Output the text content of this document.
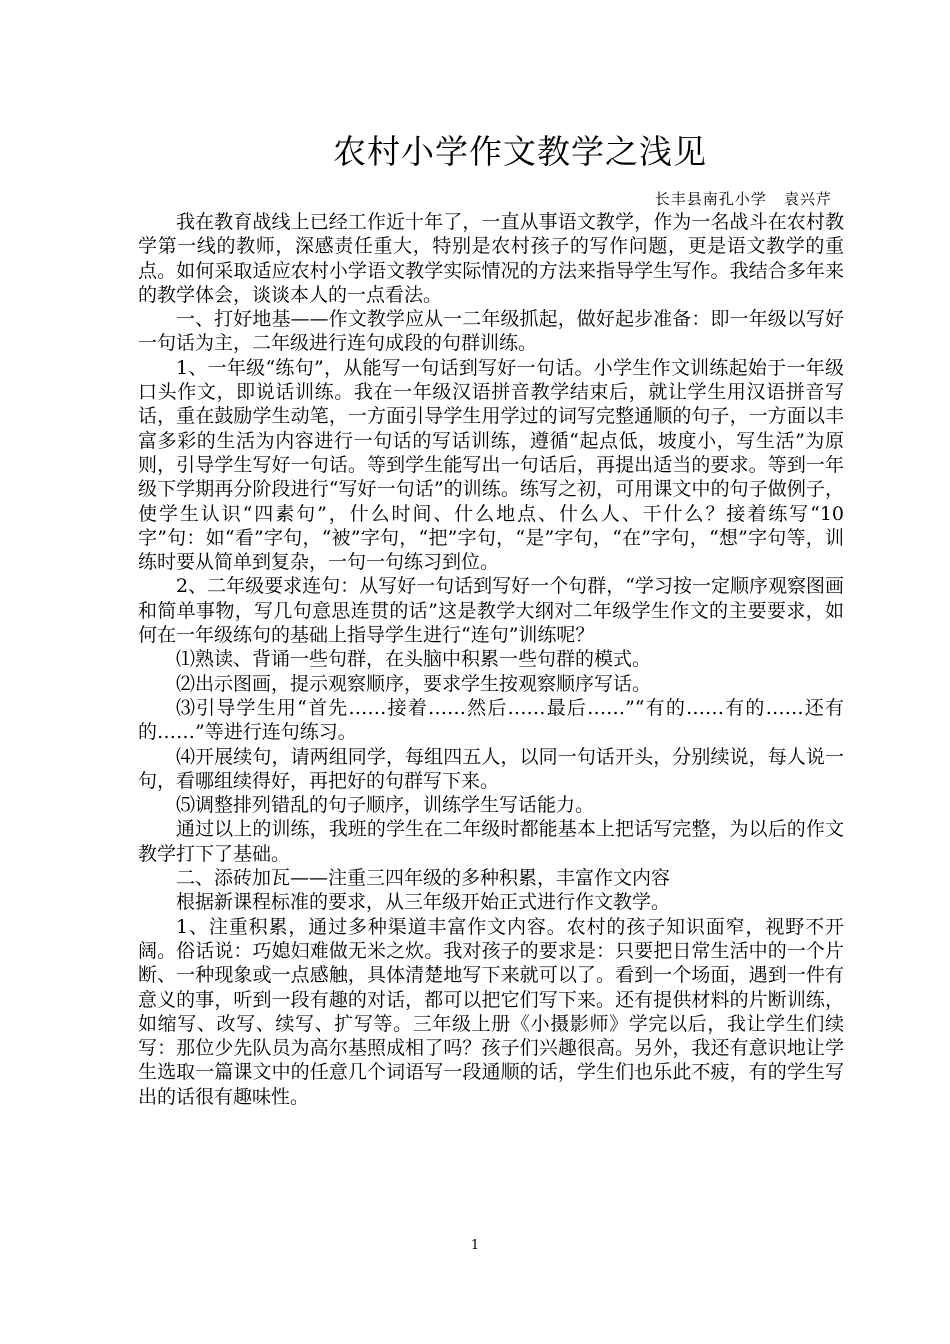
农村小学作文教学之浅见
长丰县南孔小学   袁兴芹

我在教育战线上已经工作近十年了，一直从事语文教学，作为一名战斗在农村教学第一线的教师，深感责任重大，特别是农村孩子的写作问题，更是语文教学的重点。如何采取适应农村小学语文教学实际情况的方法来指导学生写作。我结合多年来的教学体会，谈谈本人的一点看法。

一、打好地基——作文教学应从一二年级抓起，做好起步准备：即一年级以写好一句话为主，二年级进行连句成段的句群训练。

1、一年级“练句”，从能写一句话到写好一句话。小学生作文训练起始于一年级口头作文，即说话训练。我在一年级汉语拼音教学结束后，就让学生用汉语拼音写话，重在鼓励学生动笔，一方面引导学生用学过的词写完整通顺的句子，一方面以丰富多彩的生活为内容进行一句话的写话训练，遵循“起点低，坡度小，写生活”为原则，引导学生写好一句话。等到学生能写出一句话后，再提出适当的要求。等到一年级下学期再分阶段进行“写好一句话”的训练。练写之初，可用课文中的句子做例子，使学生认识“四素句”，什么时间、什么地点、什么人、干什么？接着练写“10字”句：如“看”字句，“被”字句，“把”字句，“是”字句，“在”字句，“想”字句等，训练时要从简单到复杂，一句一句练习到位。

2、二年级要求连句：从写好一句话到写好一个句群，“学习按一定顺序观察图画和简单事物，写几句意思连贯的话”这是教学大纲对二年级学生作文的主要要求，如何在一年级练句的基础上指导学生进行“连句”训练呢？

⑴熟读、背诵一些句群，在头脑中积累一些句群的模式。

⑵出示图画，提示观察顺序，要求学生按观察顺序写话。

⑶引导学生用“首先……接着……然后……最后……”“有的……有的……还有的……”等进行连句练习。

⑷开展续句，请两组同学，每组四五人，以同一句话开头，分别续说，每人说一句，看哪组续得好，再把好的句群写下来。

⑸调整排列错乱的句子顺序，训练学生写话能力。

通过以上的训练，我班的学生在二年级时都能基本上把话写完整，为以后的作文教学打下了基础。

二、添砖加瓦——注重三四年级的多种积累，丰富作文内容

根据新课程标准的要求，从三年级开始正式进行作文教学。

1、注重积累，通过多种渠道丰富作文内容。农村的孩子知识面窄，视野不开阔。俗话说：巧媳妇难做无米之炊。我对孩子的要求是：只要把日常生活中的一个片断、一种现象或一点感触，具体清楚地写下来就可以了。看到一个场面，遇到一件有意义的事，听到一段有趣的对话，都可以把它们写下来。还有提供材料的片断训练，如缩写、改写、续写、扩写等。三年级上册《小摄影师》学完以后，我让学生们续写：那位少先队员为高尔基照成相了吗？孩子们兴趣很高。另外，我还有意识地让学生选取一篇课文中的任意几个词语写一段通顺的话，学生们也乐此不疲，有的学生写出的话很有趣味性。

1
